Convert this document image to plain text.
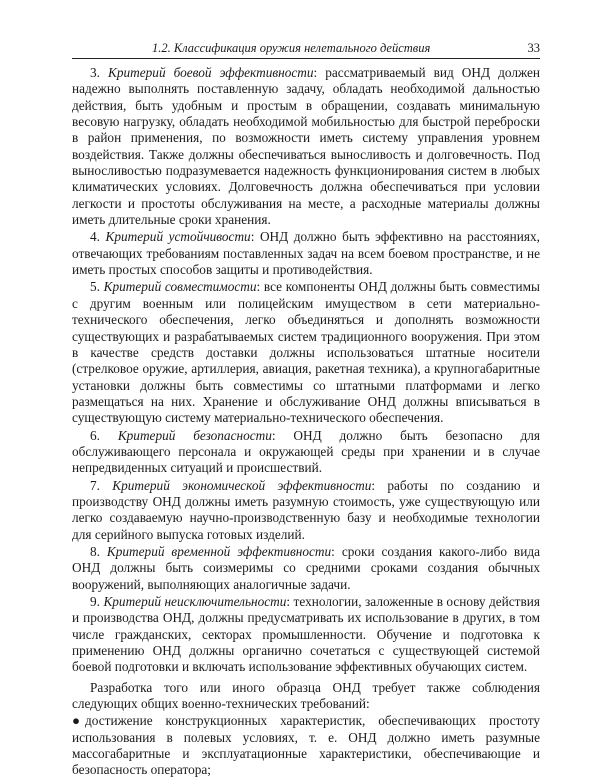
1.2. Классификация оружия нелетального действия	33

3. Критерий боевой эффективности: рассматриваемый вид ОНД должен надежно выполнять поставленную задачу, обладать необходимой дальностью действия, быть удобным и простым в обращении, создавать минимальную весовую нагрузку, обладать необходимой мобильностью для быстрой переброски в район применения, по возможности иметь систему управления уровнем воздействия. Также должны обеспечиваться выносливость и долговечность. Под выносливостью подразумевается надежность функционирования систем в любых климатических условиях. Долговечность должна обеспечиваться при условии легкости и простоты обслуживания на месте, а расходные материалы должны иметь длительные сроки хранения.

4. Критерий устойчивости: ОНД должно быть эффективно на расстояниях, отвечающих требованиям поставленных задач на всем боевом пространстве, и не иметь простых способов защиты и противодействия.

5. Критерий совместимости: все компоненты ОНД должны быть совместимы с другим военным или полицейским имуществом в сети материально-технического обеспечения, легко объединяться и дополнять возможности существующих и разрабатываемых систем традиционного вооружения. При этом в качестве средств доставки должны использоваться штатные носители (стрелковое оружие, артиллерия, авиация, ракетная техника), а крупногабаритные установки должны быть совместимы со штатными платформами и легко размещаться на них. Хранение и обслуживание ОНД должны вписываться в существующую систему материально-технического обеспечения.

6. Критерий безопасности: ОНД должно быть безопасно для обслуживающего персонала и окружающей среды при хранении и в случае непредвиденных ситуаций и происшествий.

7. Критерий экономической эффективности: работы по созданию и производству ОНД должны иметь разумную стоимость, уже существующую или легко создаваемую научно-производственную базу и необходимые технологии для серийного выпуска готовых изделий.

8. Критерий временной эффективности: сроки создания какого-либо вида ОНД должны быть соизмеримы со средними сроками создания обычных вооружений, выполняющих аналогичные задачи.

9. Критерий неисключительности: технологии, заложенные в основу действия и производства ОНД, должны предусматривать их использование в других, в том числе гражданских, секторах промышленности. Обучение и подготовка к применению ОНД должны органично сочетаться с существующей системой боевой подготовки и включать использование эффективных обучающих систем.

Разработка того или иного образца ОНД требует также соблюдения следующих общих военно-технических требований:

● достижение конструкционных характеристик, обеспечивающих простоту использования в полевых условиях, т. е. ОНД должно иметь разумные массогабаритные и эксплуатационные характеристики, обеспечивающие и безопасность оператора;
